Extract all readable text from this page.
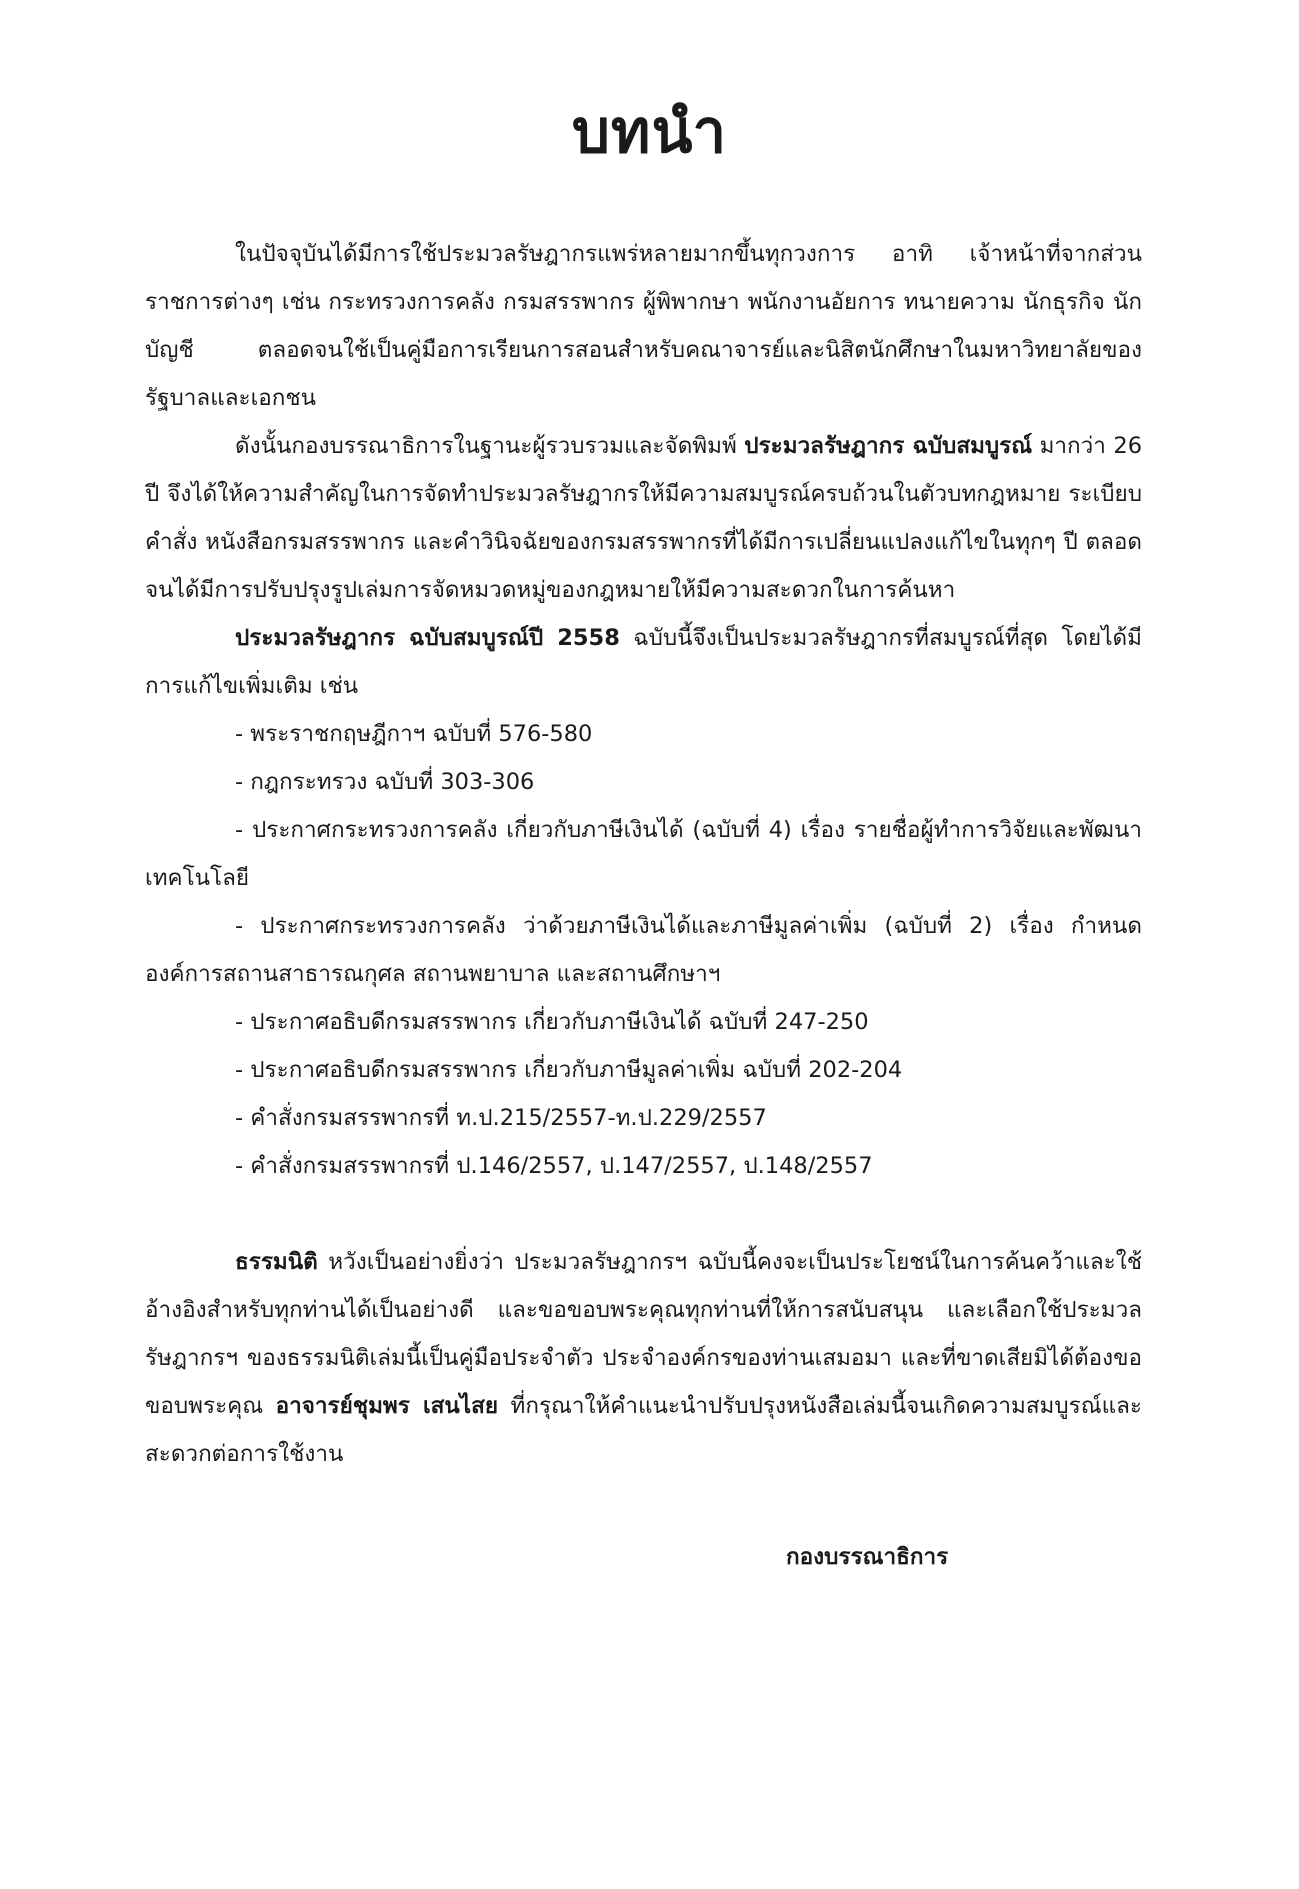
บทนำ

ในปัจจุบันได้มีการใช้ประมวลรัษฎากรแพร่หลายมากขึ้นทุกวงการ อาทิ เจ้าหน้าที่จากส่วนราชการต่างๆ เช่น กระทรวงการคลัง กรมสรรพากร ผู้พิพากษา พนักงานอัยการ ทนายความ นักธุรกิจ นักบัญชี ตลอดจนใช้เป็นคู่มือการเรียนการสอนสำหรับคณาจารย์และนิสิตนักศึกษาในมหาวิทยาลัยของรัฐบาลและเอกชน

ดังนั้นกองบรรณาธิการในฐานะผู้รวบรวมและจัดพิมพ์ ประมวลรัษฎากร ฉบับสมบูรณ์ มากว่า 26 ปี จึงได้ให้ความสำคัญในการจัดทำประมวลรัษฎากรให้มีความสมบูรณ์ครบถ้วนในตัวบทกฎหมาย ระเบียบ คำสั่ง หนังสือกรมสรรพากร และคำวินิจฉัยของกรมสรรพากรที่ได้มีการเปลี่ยนแปลงแก้ไขในทุกๆ ปี ตลอดจนได้มีการปรับปรุงรูปเล่มการจัดหมวดหมู่ของกฎหมายให้มีความสะดวกในการค้นหา

ประมวลรัษฎากร ฉบับสมบูรณ์ปี 2558 ฉบับนี้จึงเป็นประมวลรัษฎากรที่สมบูรณ์ที่สุด โดยได้มีการแก้ไขเพิ่มเติม เช่น

- พระราชกฤษฎีกาฯ ฉบับที่ 576-580

- กฎกระทรวง ฉบับที่ 303-306

- ประกาศกระทรวงการคลัง เกี่ยวกับภาษีเงินได้ (ฉบับที่ 4) เรื่อง รายชื่อผู้ทำการวิจัยและพัฒนาเทคโนโลยี

- ประกาศกระทรวงการคลัง ว่าด้วยภาษีเงินได้และภาษีมูลค่าเพิ่ม (ฉบับที่ 2) เรื่อง กำหนดองค์การสถานสาธารณกุศล สถานพยาบาล และสถานศึกษาฯ

- ประกาศอธิบดีกรมสรรพากร เกี่ยวกับภาษีเงินได้ ฉบับที่ 247-250

- ประกาศอธิบดีกรมสรรพากร เกี่ยวกับภาษีมูลค่าเพิ่ม ฉบับที่ 202-204

- คำสั่งกรมสรรพากรที่ ท.ป.215/2557-ท.ป.229/2557

- คำสั่งกรมสรรพากรที่ ป.146/2557, ป.147/2557, ป.148/2557

ธรรมนิติ หวังเป็นอย่างยิ่งว่า ประมวลรัษฎากรฯ ฉบับนี้คงจะเป็นประโยชน์ในการค้นคว้าและใช้อ้างอิงสำหรับทุกท่านได้เป็นอย่างดี และขอขอบพระคุณทุกท่านที่ให้การสนับสนุน และเลือกใช้ประมวลรัษฎากรฯ ของธรรมนิติเล่มนี้เป็นคู่มือประจำตัว ประจำองค์กรของท่านเสมอมา และที่ขาดเสียมิได้ต้องขอขอบพระคุณ อาจารย์ชุมพร เสนไสย ที่กรุณาให้คำแนะนำปรับปรุงหนังสือเล่มนี้จนเกิดความสมบูรณ์และสะดวกต่อการใช้งาน

กองบรรณาธิการ
